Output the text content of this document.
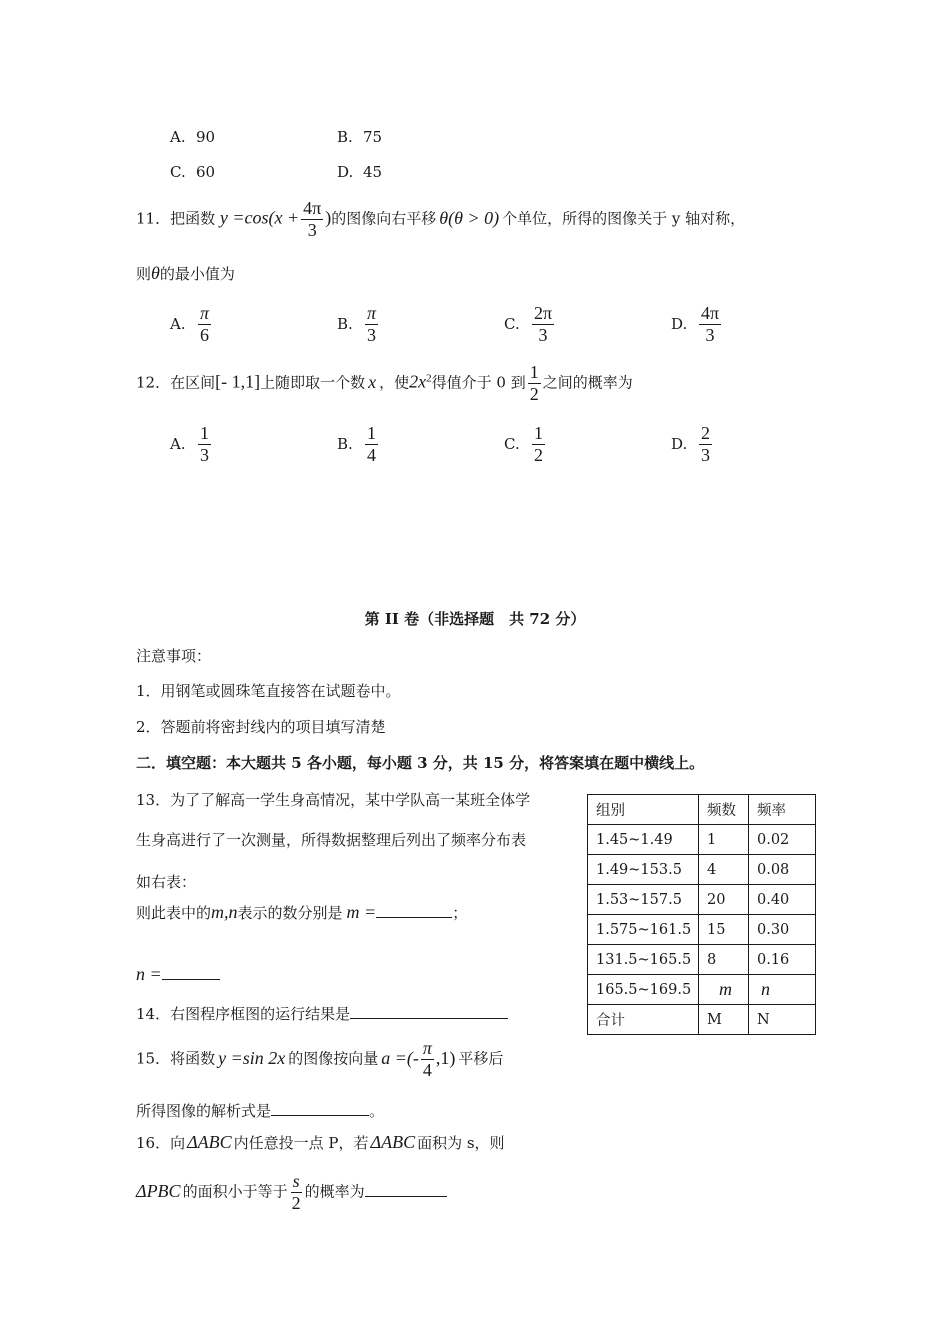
A. 90	B. 75
C. 60	D. 45
11．把函数 $y =\cos(x + \frac{4\pi}{3}$ )的图像向右平移 θ(θ > 0) 个单位，所得的图像关于 y 轴对称，
则θ的最小值为
A. $\frac{\pi}{6}$	B. $\frac{\pi}{3}$	C. $\frac{2\pi}{3}$	D. $\frac{4\pi}{3}$
12．在区间[- 1,1]上随即取一个数 x ，使$2x^2$得值介于 0 到 $\frac{1}{2}$ 之间的概率为
A. $\frac{1}{3}$	B. $\frac{1}{4}$	C. $\frac{1}{2}$	D. $\frac{2}{3}$
第 II 卷（非选择题　共 72 分）
注意事项：
1．用钢笔或圆珠笔直接答在试题卷中。
2．答题前将密封线内的项目填写清楚
二．填空题：本大题共 5 各小题，每小题 3 分，共 15 分，将答案填在题中横线上。
13．为了了解高一学生身高情况，某中学队高一某班全体学
生身高进行了一次测量，所得数据整理后列出了频率分布表
如右表：
则此表中的m,n表示的数分别是 m =	；
n =
组别	频数	频率
1.45~1.49	1	0.02
1.49~153.5	4	0.08
1.53~157.5	20	0.40
1.575~161.5	15	0.30
131.5~165.5	8	0.16
165.5~169.5	m	n
合计	M	N
14．右图程序框图的运行结果是
15．将函数 y =sin 2x 的图像按向量 a =(- $\frac{\pi}{4} ,1$) 平移后
所得图像的解析式是	。
16．向 ΔABC 内任意投一点 P，若 ΔABC 面积为 s，则
ΔPBC 的面积小于等于 $\frac{s}{2}$ 的概率为
